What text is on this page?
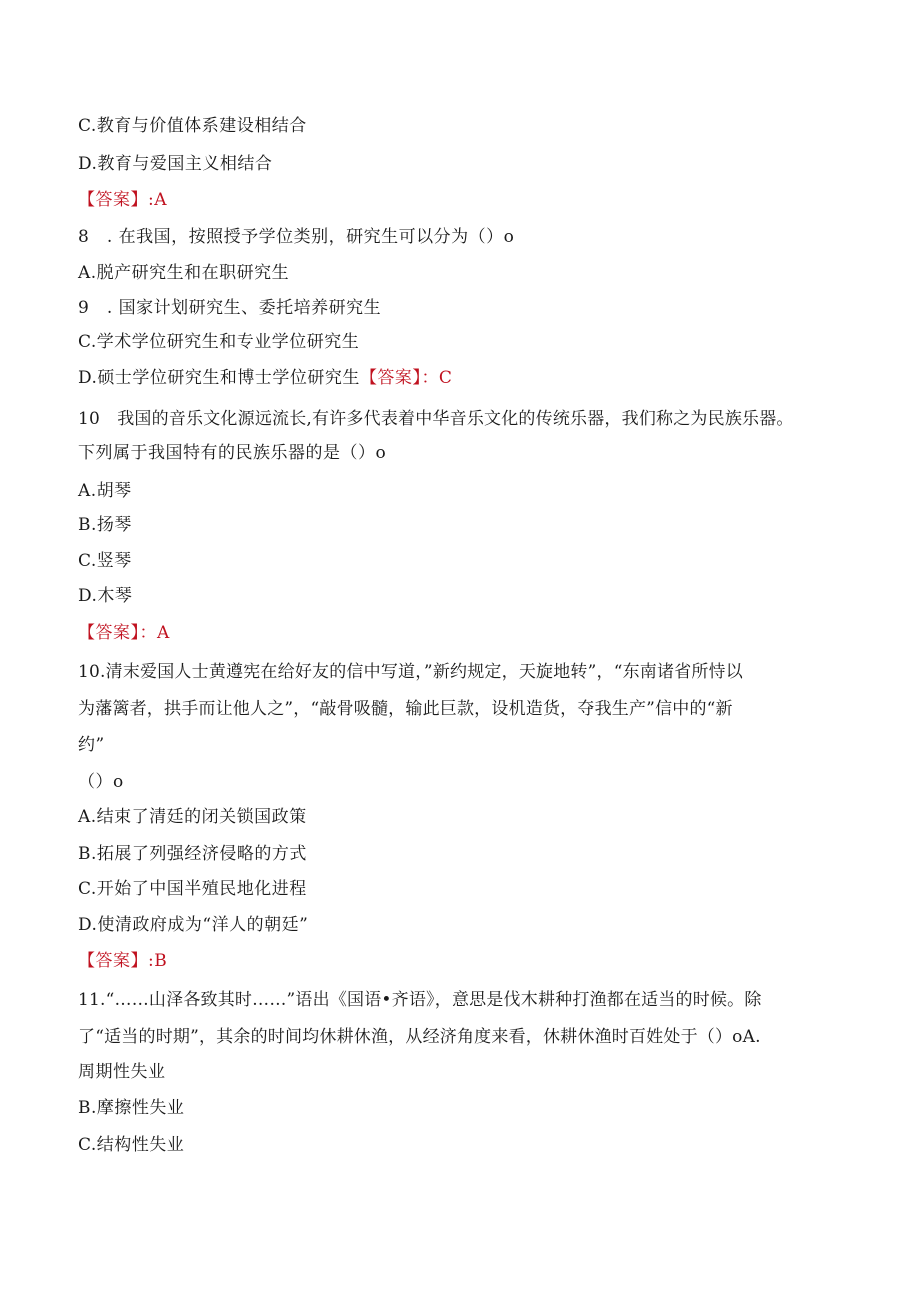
C.教育与价值体系建设相结合
D.教育与爱国主义相结合
【答案】:A
8　. 在我国，按照授予学位类别，研究生可以分为（）o
A.脱产研究生和在职研究生
9　. 国家计划研究生、委托培养研究生
C.学术学位研究生和专业学位研究生
D.硕士学位研究生和博士学位研究生【答案】：C
10　我国的音乐文化源远流长,有许多代表着中华音乐文化的传统乐器，我们称之为民族乐器。
下列属于我国特有的民族乐器的是（）o
A.胡琴
B.扬琴
C.竖琴
D.木琴
【答案】：A
10.清末爱国人士黄遵宪在给好友的信中写道，”新约规定，天旋地转”，“东南诸省所恃以
为藩篱者，拱手而让他人之”，“敲骨吸髓，输此巨款，设机造货，夺我生产”信中的“新
约”
（）o
A.结束了清廷的闭关锁国政策
B.拓展了列强经济侵略的方式
C.开始了中国半殖民地化进程
D.使清政府成为“洋人的朝廷”
【答案】:B
11.“……山泽各致其时……”语出《国语•齐语》，意思是伐木耕种打渔都在适当的时候。除
了“适当的时期”，其余的时间均休耕休渔，从经济角度来看，休耕休渔时百姓处于（）oA.
周期性失业
B.摩擦性失业
C.结构性失业
